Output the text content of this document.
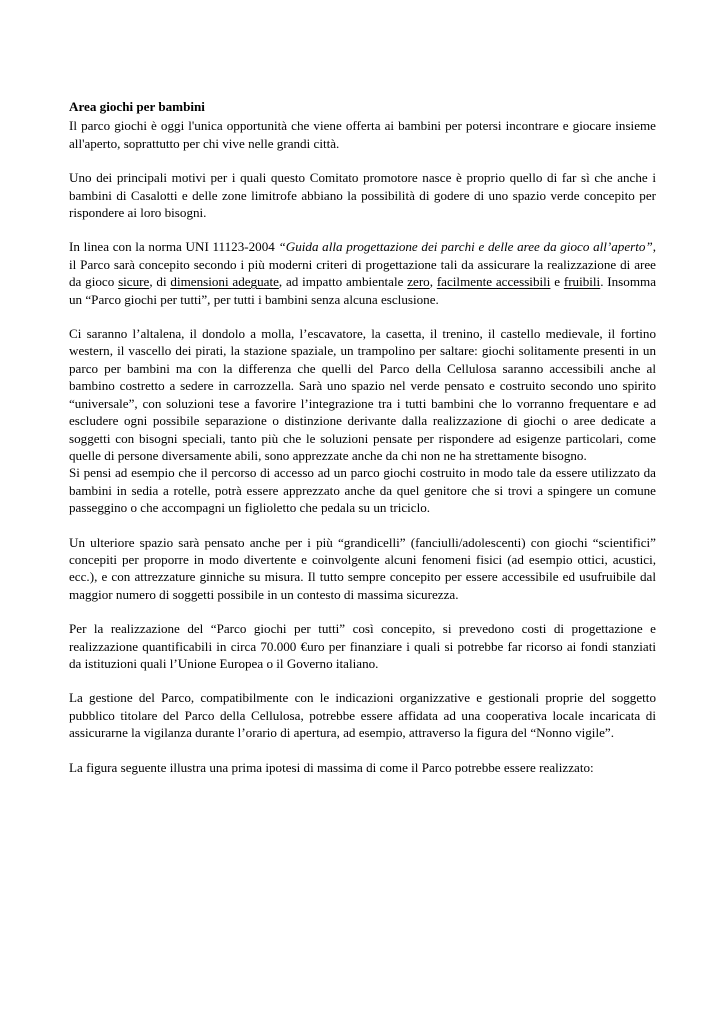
Area giochi per bambini

Il parco giochi è oggi l'unica opportunità che viene offerta ai bambini per potersi incontrare e giocare insieme all'aperto, soprattutto per chi vive nelle grandi città.

Uno dei principali motivi per i quali questo Comitato promotore nasce è proprio quello di far sì che anche i bambini di Casalotti e delle zone limitrofe abbiano la possibilità di godere di uno spazio verde concepito per rispondere ai loro bisogni.

In linea con la norma UNI 11123-2004 “Guida alla progettazione dei parchi e delle aree da gioco all’aperto”, il Parco sarà concepito secondo i più moderni criteri di progettazione tali da assicurare la realizzazione di aree da gioco sicure, di dimensioni adeguate, ad impatto ambientale zero, facilmente accessibili e fruibili. Insomma un “Parco giochi per tutti”, per tutti i bambini senza alcuna esclusione.

Ci saranno l’altalena, il dondolo a molla, l’escavatore, la casetta, il trenino, il castello medievale, il fortino western, il vascello dei pirati, la stazione spaziale, un trampolino per saltare: giochi solitamente presenti in un parco per bambini ma con la differenza che quelli del Parco della Cellulosa saranno accessibili anche al bambino costretto a sedere in carrozzella. Sarà uno spazio nel verde pensato e costruito secondo uno spirito “universale”, con soluzioni tese a favorire l’integrazione tra i tutti bambini che lo vorranno frequentare e ad escludere ogni possibile separazione o distinzione derivante dalla realizzazione di giochi o aree dedicate a soggetti con bisogni speciali, tanto più che le soluzioni pensate per rispondere ad esigenze particolari, come quelle di persone diversamente abili, sono apprezzate anche da chi non ne ha strettamente bisogno.

Si pensi ad esempio che il percorso di accesso ad un parco giochi costruito in modo tale da essere utilizzato da bambini in sedia a rotelle, potrà essere apprezzato anche da quel genitore che si trovi a spingere un comune passeggino o che accompagni un figlioletto che pedala su un triciclo.

Un ulteriore spazio sarà pensato anche per i più “grandicelli” (fanciulli/adolescenti) con giochi “scientifici” concepiti per proporre in modo divertente e coinvolgente alcuni fenomeni fisici (ad esempio ottici, acustici, ecc.), e con attrezzature ginniche su misura. Il tutto sempre concepito per essere accessibile ed usufruibile dal maggior numero di soggetti possibile in un contesto di massima sicurezza.

Per la realizzazione del “Parco giochi per tutti” così concepito, si prevedono costi di progettazione e realizzazione quantificabili in circa 70.000 €uro per finanziare i quali si potrebbe far ricorso ai fondi stanziati da istituzioni quali l’Unione Europea o il Governo italiano.

La gestione del Parco, compatibilmente con le indicazioni organizzative e gestionali proprie del soggetto pubblico titolare del Parco della Cellulosa, potrebbe essere affidata ad una cooperativa locale incaricata di assicurarne la vigilanza durante l’orario di apertura, ad esempio, attraverso la figura del “Nonno vigile”.

La figura seguente illustra una prima ipotesi di massima di come il Parco potrebbe essere realizzato:
